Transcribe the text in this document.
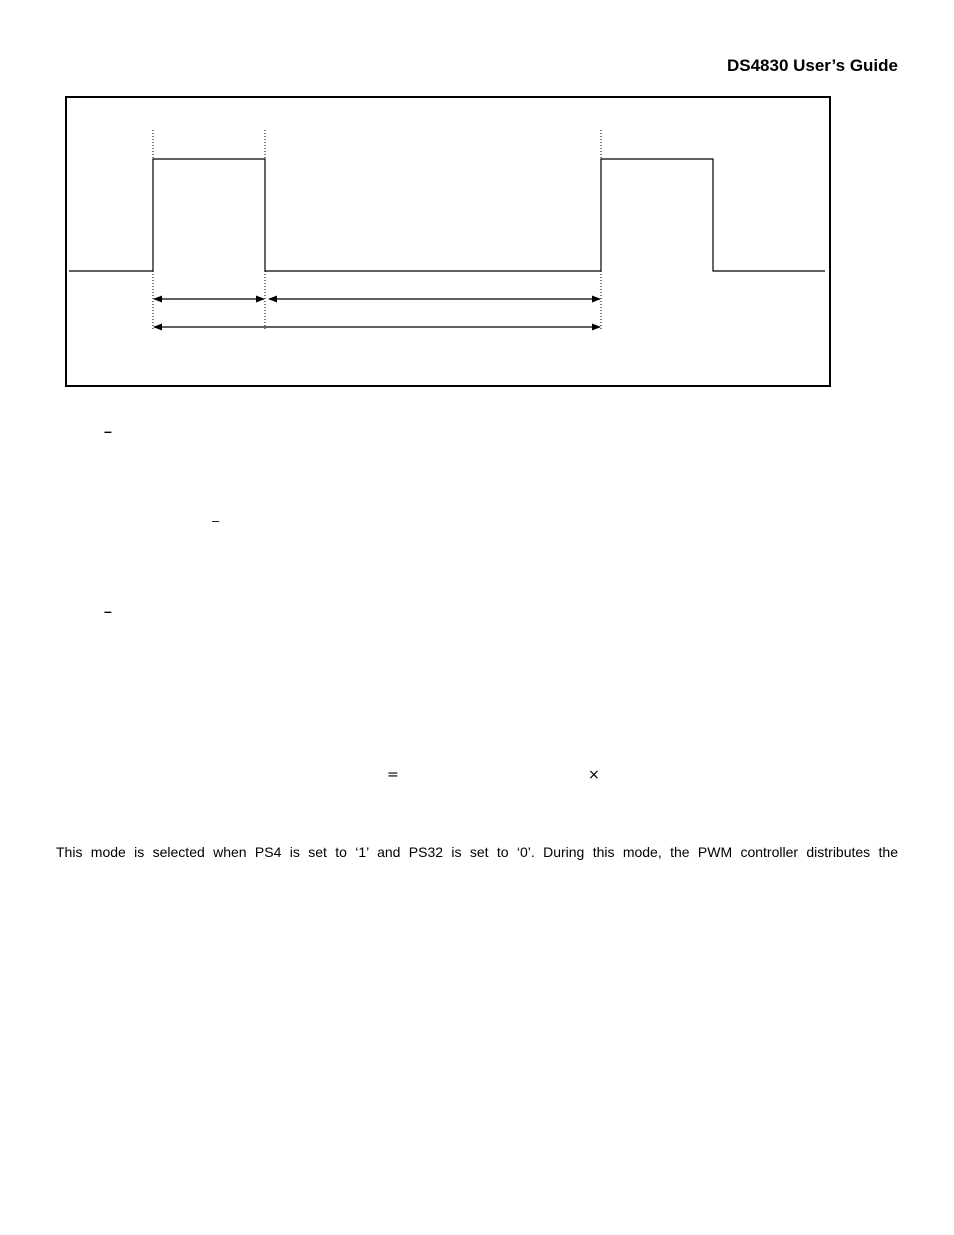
DS4830 User’s Guide
–
–
–
=	×
This mode is selected when PS4 is set to ‘1’ and PS32 is set to ‘0’. During this mode, the PWM controller distributes the
